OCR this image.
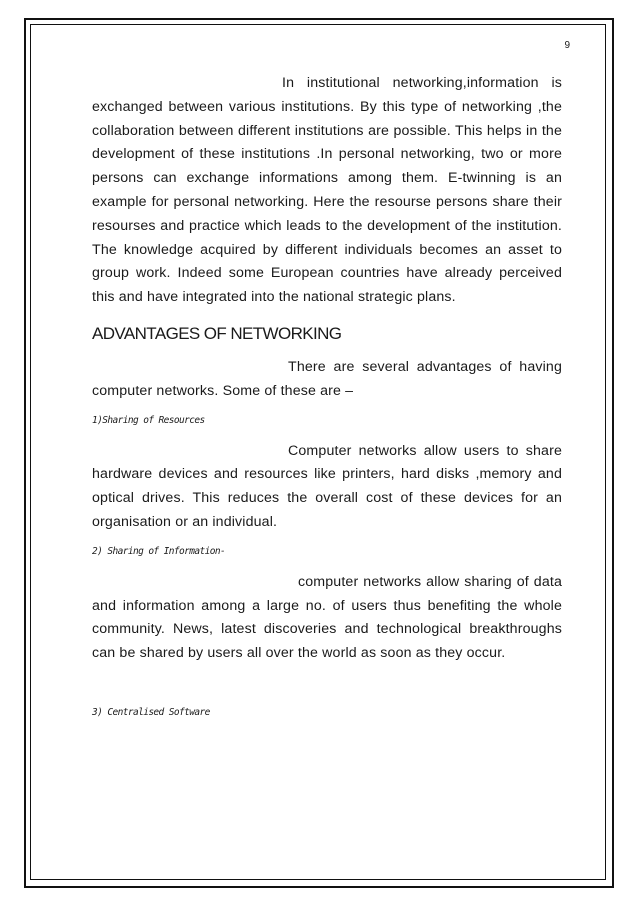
9

In institutional networking,information is exchanged between various institutions. By this type of networking ,the collaboration between different institutions are possible. This helps in the development of these institutions .In personal networking, two or more persons can exchange informations among them. E-twinning is an example for personal networking. Here the resourse persons share their resourses and practice which leads to the development of the institution. The knowledge acquired by different individuals becomes an asset to group work. Indeed some European countries have already perceived this and have integrated into the national strategic plans.

ADVANTAGES OF NETWORKING

There are several advantages of having computer networks. Some of these are –

1)Sharing of Resources

Computer networks allow users to share hardware devices and resources like printers, hard disks ,memory and optical drives. This reduces the overall cost of these devices for an organisation or an individual.

2) Sharing of Information-

computer networks allow sharing of data and information among a large no. of users thus benefiting the whole community. News, latest discoveries and technological breakthroughs can be shared by users all over the world as soon as they occur.

3) Centralised Software
